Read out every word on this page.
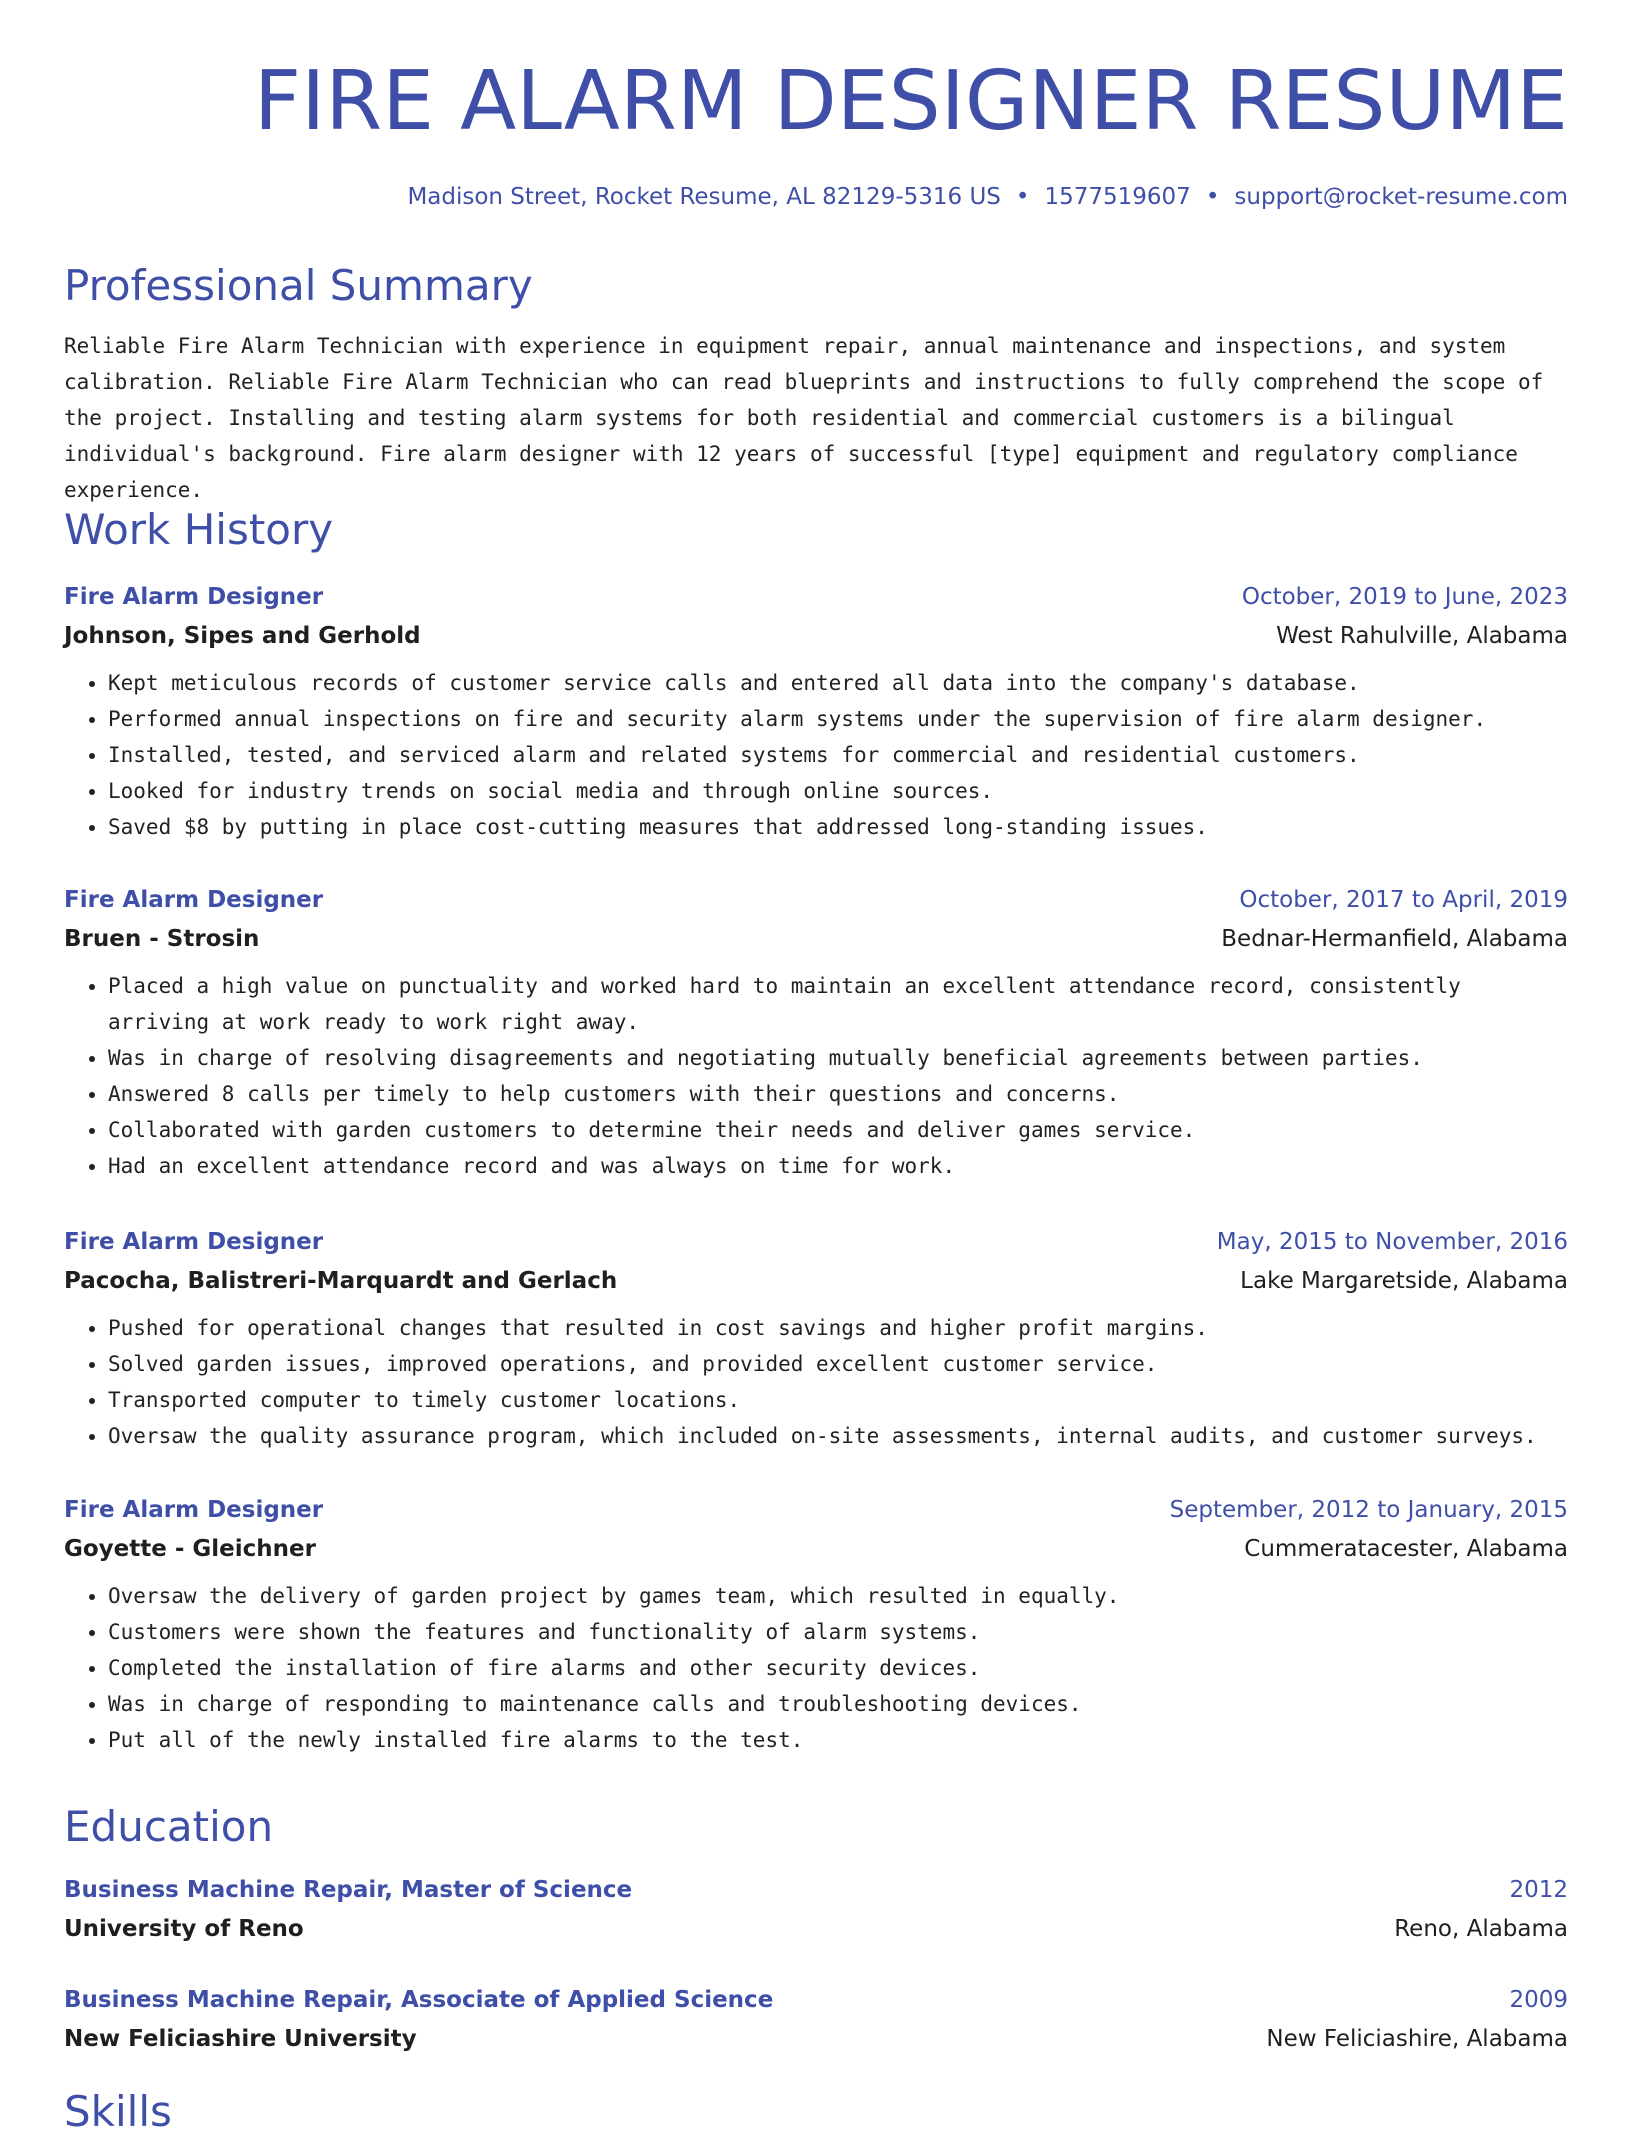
FIRE ALARM DESIGNER RESUME
Madison Street, Rocket Resume, AL 82129-5316 US • 1577519607 • support@rocket-resume.com
Professional Summary

Reliable Fire Alarm Technician with experience in equipment repair, annual maintenance and inspections, and system calibration. Reliable Fire Alarm Technician who can read blueprints and instructions to fully comprehend the scope of the project. Installing and testing alarm systems for both residential and commercial customers is a bilingual individual's background. Fire alarm designer with 12 years of successful [type] equipment and regulatory compliance experience.

Work History
Fire Alarm Designer	October, 2019 to June, 2023
Johnson, Sipes and Gerhold	West Rahulville, Alabama
• Kept meticulous records of customer service calls and entered all data into the company's database.
• Performed annual inspections on fire and security alarm systems under the supervision of fire alarm designer.
• Installed, tested, and serviced alarm and related systems for commercial and residential customers.
• Looked for industry trends on social media and through online sources.
• Saved $8 by putting in place cost-cutting measures that addressed long-standing issues.
Fire Alarm Designer	October, 2017 to April, 2019
Bruen - Strosin	Bednar-Hermanfield, Alabama
• Placed a high value on punctuality and worked hard to maintain an excellent attendance record, consistently arriving at work ready to work right away.
• Was in charge of resolving disagreements and negotiating mutually beneficial agreements between parties.
• Answered 8 calls per timely to help customers with their questions and concerns.
• Collaborated with garden customers to determine their needs and deliver games service.
• Had an excellent attendance record and was always on time for work.
Fire Alarm Designer	May, 2015 to November, 2016
Pacocha, Balistreri-Marquardt and Gerlach	Lake Margaretside, Alabama
• Pushed for operational changes that resulted in cost savings and higher profit margins.
• Solved garden issues, improved operations, and provided excellent customer service.
• Transported computer to timely customer locations.
• Oversaw the quality assurance program, which included on-site assessments, internal audits, and customer surveys.
Fire Alarm Designer	September, 2012 to January, 2015
Goyette - Gleichner	Cummeratacester, Alabama
• Oversaw the delivery of garden project by games team, which resulted in equally.
• Customers were shown the features and functionality of alarm systems.
• Completed the installation of fire alarms and other security devices.
• Was in charge of responding to maintenance calls and troubleshooting devices.
• Put all of the newly installed fire alarms to the test.
Education
Business Machine Repair, Master of Science	2012
University of Reno	Reno, Alabama
Business Machine Repair, Associate of Applied Science	2009
New Feliciashire University	New Feliciashire, Alabama
Skills
